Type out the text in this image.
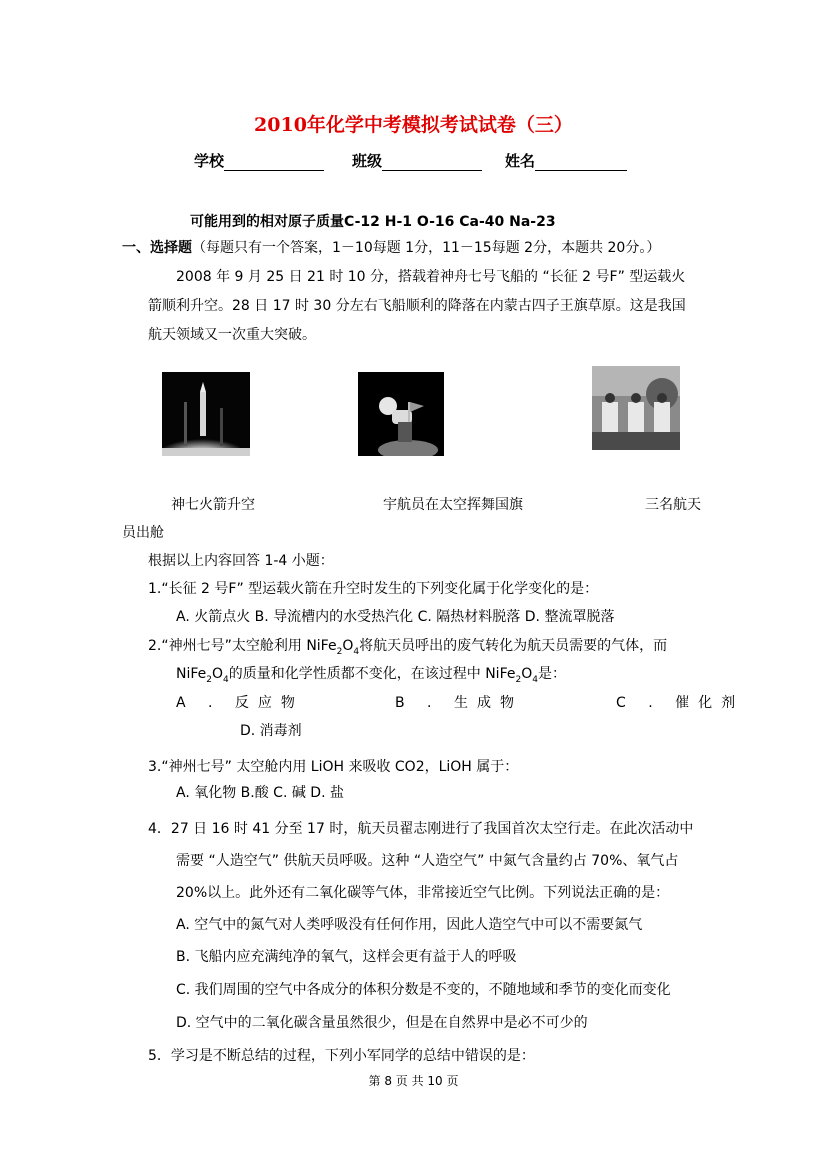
2010年化学中考模拟考试试卷（三）
学校	班级	姓名
可能用到的相对原子质量C-12 H-1 O-16 Ca-40 Na-23
一、选择题（每题只有一个答案，1－10每题 1分，11－15每题 2分，本题共 20分。）
2008 年 9 月 25 日 21 时 10 分，搭载着神舟七号飞船的 “长征 2 号F” 型运载火
箭顺利升空。28 日 17 时 30 分左右飞船顺利的降落在内蒙古四子王旗草原。这是我国
航天领域又一次重大突破。
神七火箭升空	宇航员在太空挥舞国旗	三名航天
员出舱
根据以上内容回答 1-4 小题：
1.“长征 2 号F” 型运载火箭在升空时发生的下列变化属于化学变化的是：
A. 火箭点火 B. 导流槽内的水受热汽化 C. 隔热材料脱落 D. 整流罩脱落
2.“神州七号”太空舱利用 $NiFe_2O_4$将航天员呼出的废气转化为航天员需要的气体，而
$NiFe_2O_4$的质量和化学性质都不变化，在该过程中 $NiFe_2O_4$是：
A . 反应物	B . 生成物	C . 催化剂
D. 消毒剂
3.“神州七号” 太空舱内用 LiOH 来吸收 CO2，LiOH 属于：
A. 氧化物 B.酸 C. 碱 D. 盐
4．27 日 16 时 41 分至 17 时，航天员翟志刚进行了我国首次太空行走。在此次活动中
需要 “人造空气” 供航天员呼吸。这种 “人造空气” 中氮气含量约占 70%、氧气占
20%以上。此外还有二氧化碳等气体，非常接近空气比例。下列说法正确的是：
A. 空气中的氮气对人类呼吸没有任何作用，因此人造空气中可以不需要氮气
B. 飞船内应充满纯净的氧气，这样会更有益于人的呼吸
C. 我们周围的空气中各成分的体积分数是不变的，不随地域和季节的变化而变化
D. 空气中的二氧化碳含量虽然很少，但是在自然界中是必不可少的
5．学习是不断总结的过程，下列小军同学的总结中错误的是：
第 8 页 共 10 页
